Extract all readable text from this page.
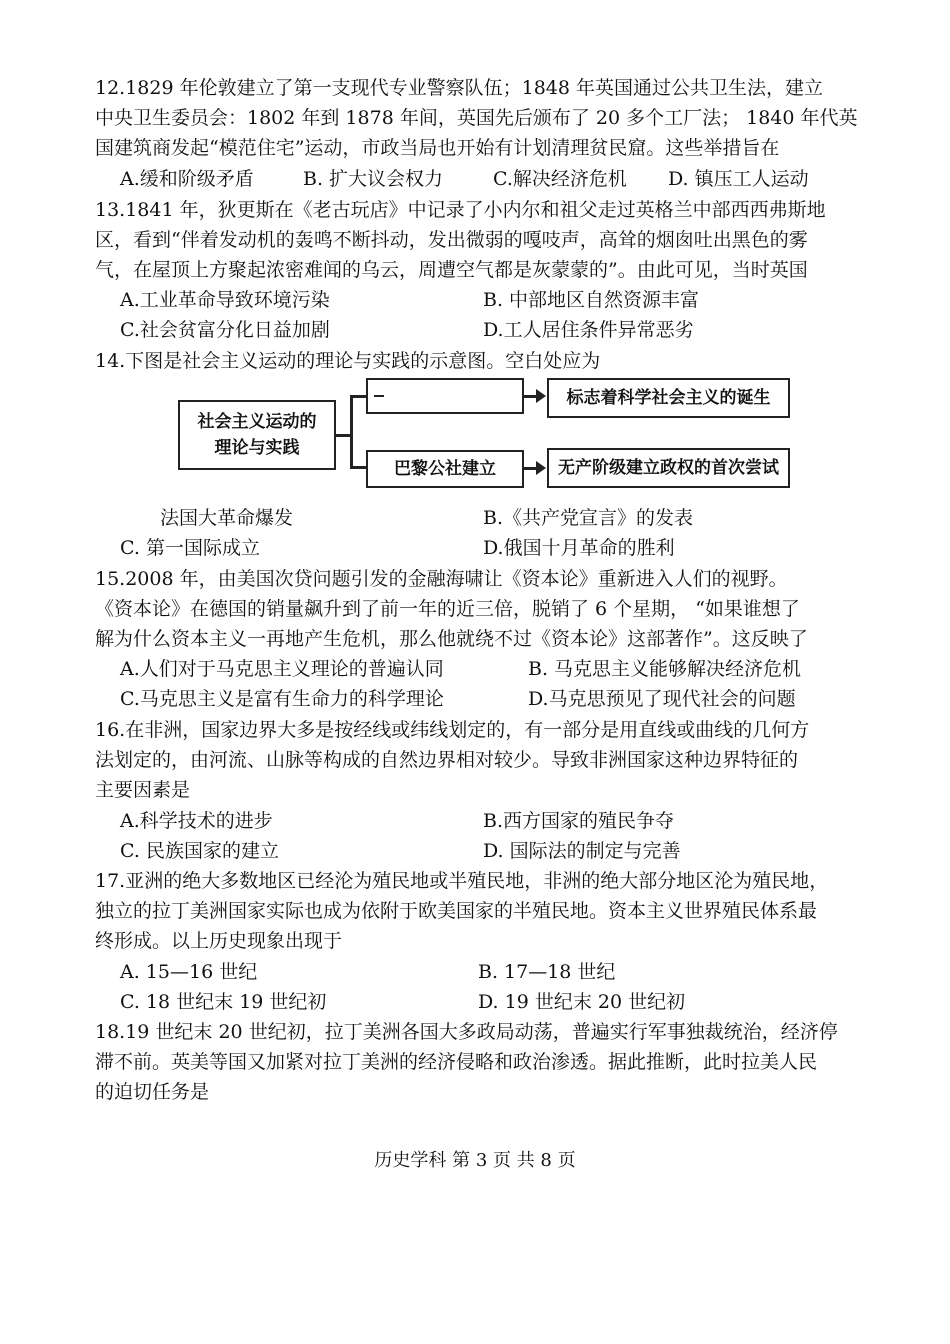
12.1829 年伦敦建立了第一支现代专业警察队伍；1848 年英国通过公共卫生法，建立
中央卫生委员会：1802 年到 1878 年间，英国先后颁布了 20 多个工厂法； 1840 年代英
国建筑商发起“模范住宅”运动，市政当局也开始有计划清理贫民窟。这些举措旨在
A.缓和阶级矛盾	B. 扩大议会权力	C.解决经济危机 D. 镇压工人运动
13.1841 年，狄更斯在《老古玩店》中记录了小内尔和祖父走过英格兰中部西西弗斯地
区，看到“伴着发动机的轰鸣不断抖动，发出微弱的嘎吱声，高耸的烟囱吐出黑色的雾
气，在屋顶上方聚起浓密难闻的乌云，周遭空气都是灰蒙蒙的”。由此可见，当时英国
A.工业革命导致环境污染	B. 中部地区自然资源丰富
C.社会贫富分化日益加剧	D.工人居住条件异常恶劣
14.下图是社会主义运动的理论与实践的示意图。空白处应为
社会主义运动的
理论与实践
标志着科学社会主义的诞生
巴黎公社建立	无产阶级建立政权的首次尝试
法国大革命爆发	B.《共产党宣言》的发表
C. 第一国际成立	D.俄国十月革命的胜利
15.2008 年，由美国次贷问题引发的金融海啸让《资本论》重新进入人们的视野。
《资本论》在德国的销量飙升到了前一年的近三倍，脱销了 6 个星期， “如果谁想了
解为什么资本主义一再地产生危机，那么他就绕不过《资本论》这部著作”。这反映了
A.人们对于马克思主义理论的普遍认同	B. 马克思主义能够解决经济危机
C.马克思主义是富有生命力的科学理论	D.马克思预见了现代社会的问题
16.在非洲，国家边界大多是按经线或纬线划定的，有一部分是用直线或曲线的几何方
法划定的，由河流、山脉等构成的自然边界相对较少。导致非洲国家这种边界特征的
主要因素是
A.科学技术的进步	B.西方国家的殖民争夺
C. 民族国家的建立	D. 国际法的制定与完善
17.亚洲的绝大多数地区已经沦为殖民地或半殖民地，非洲的绝大部分地区沦为殖民地，
独立的拉丁美洲国家实际也成为依附于欧美国家的半殖民地。资本主义世界殖民体系最
终形成。以上历史现象出现于
A. 15—16 世纪	B. 17—18 世纪
C. 18 世纪末 19 世纪初	D. 19 世纪末 20 世纪初
18.19 世纪末 20 世纪初，拉丁美洲各国大多政局动荡，普遍实行军事独裁统治，经济停
滞不前。英美等国又加紧对拉丁美洲的经济侵略和政治渗透。据此推断，此时拉美人民
的迫切任务是
历史学科 第 3 页 共 8 页
